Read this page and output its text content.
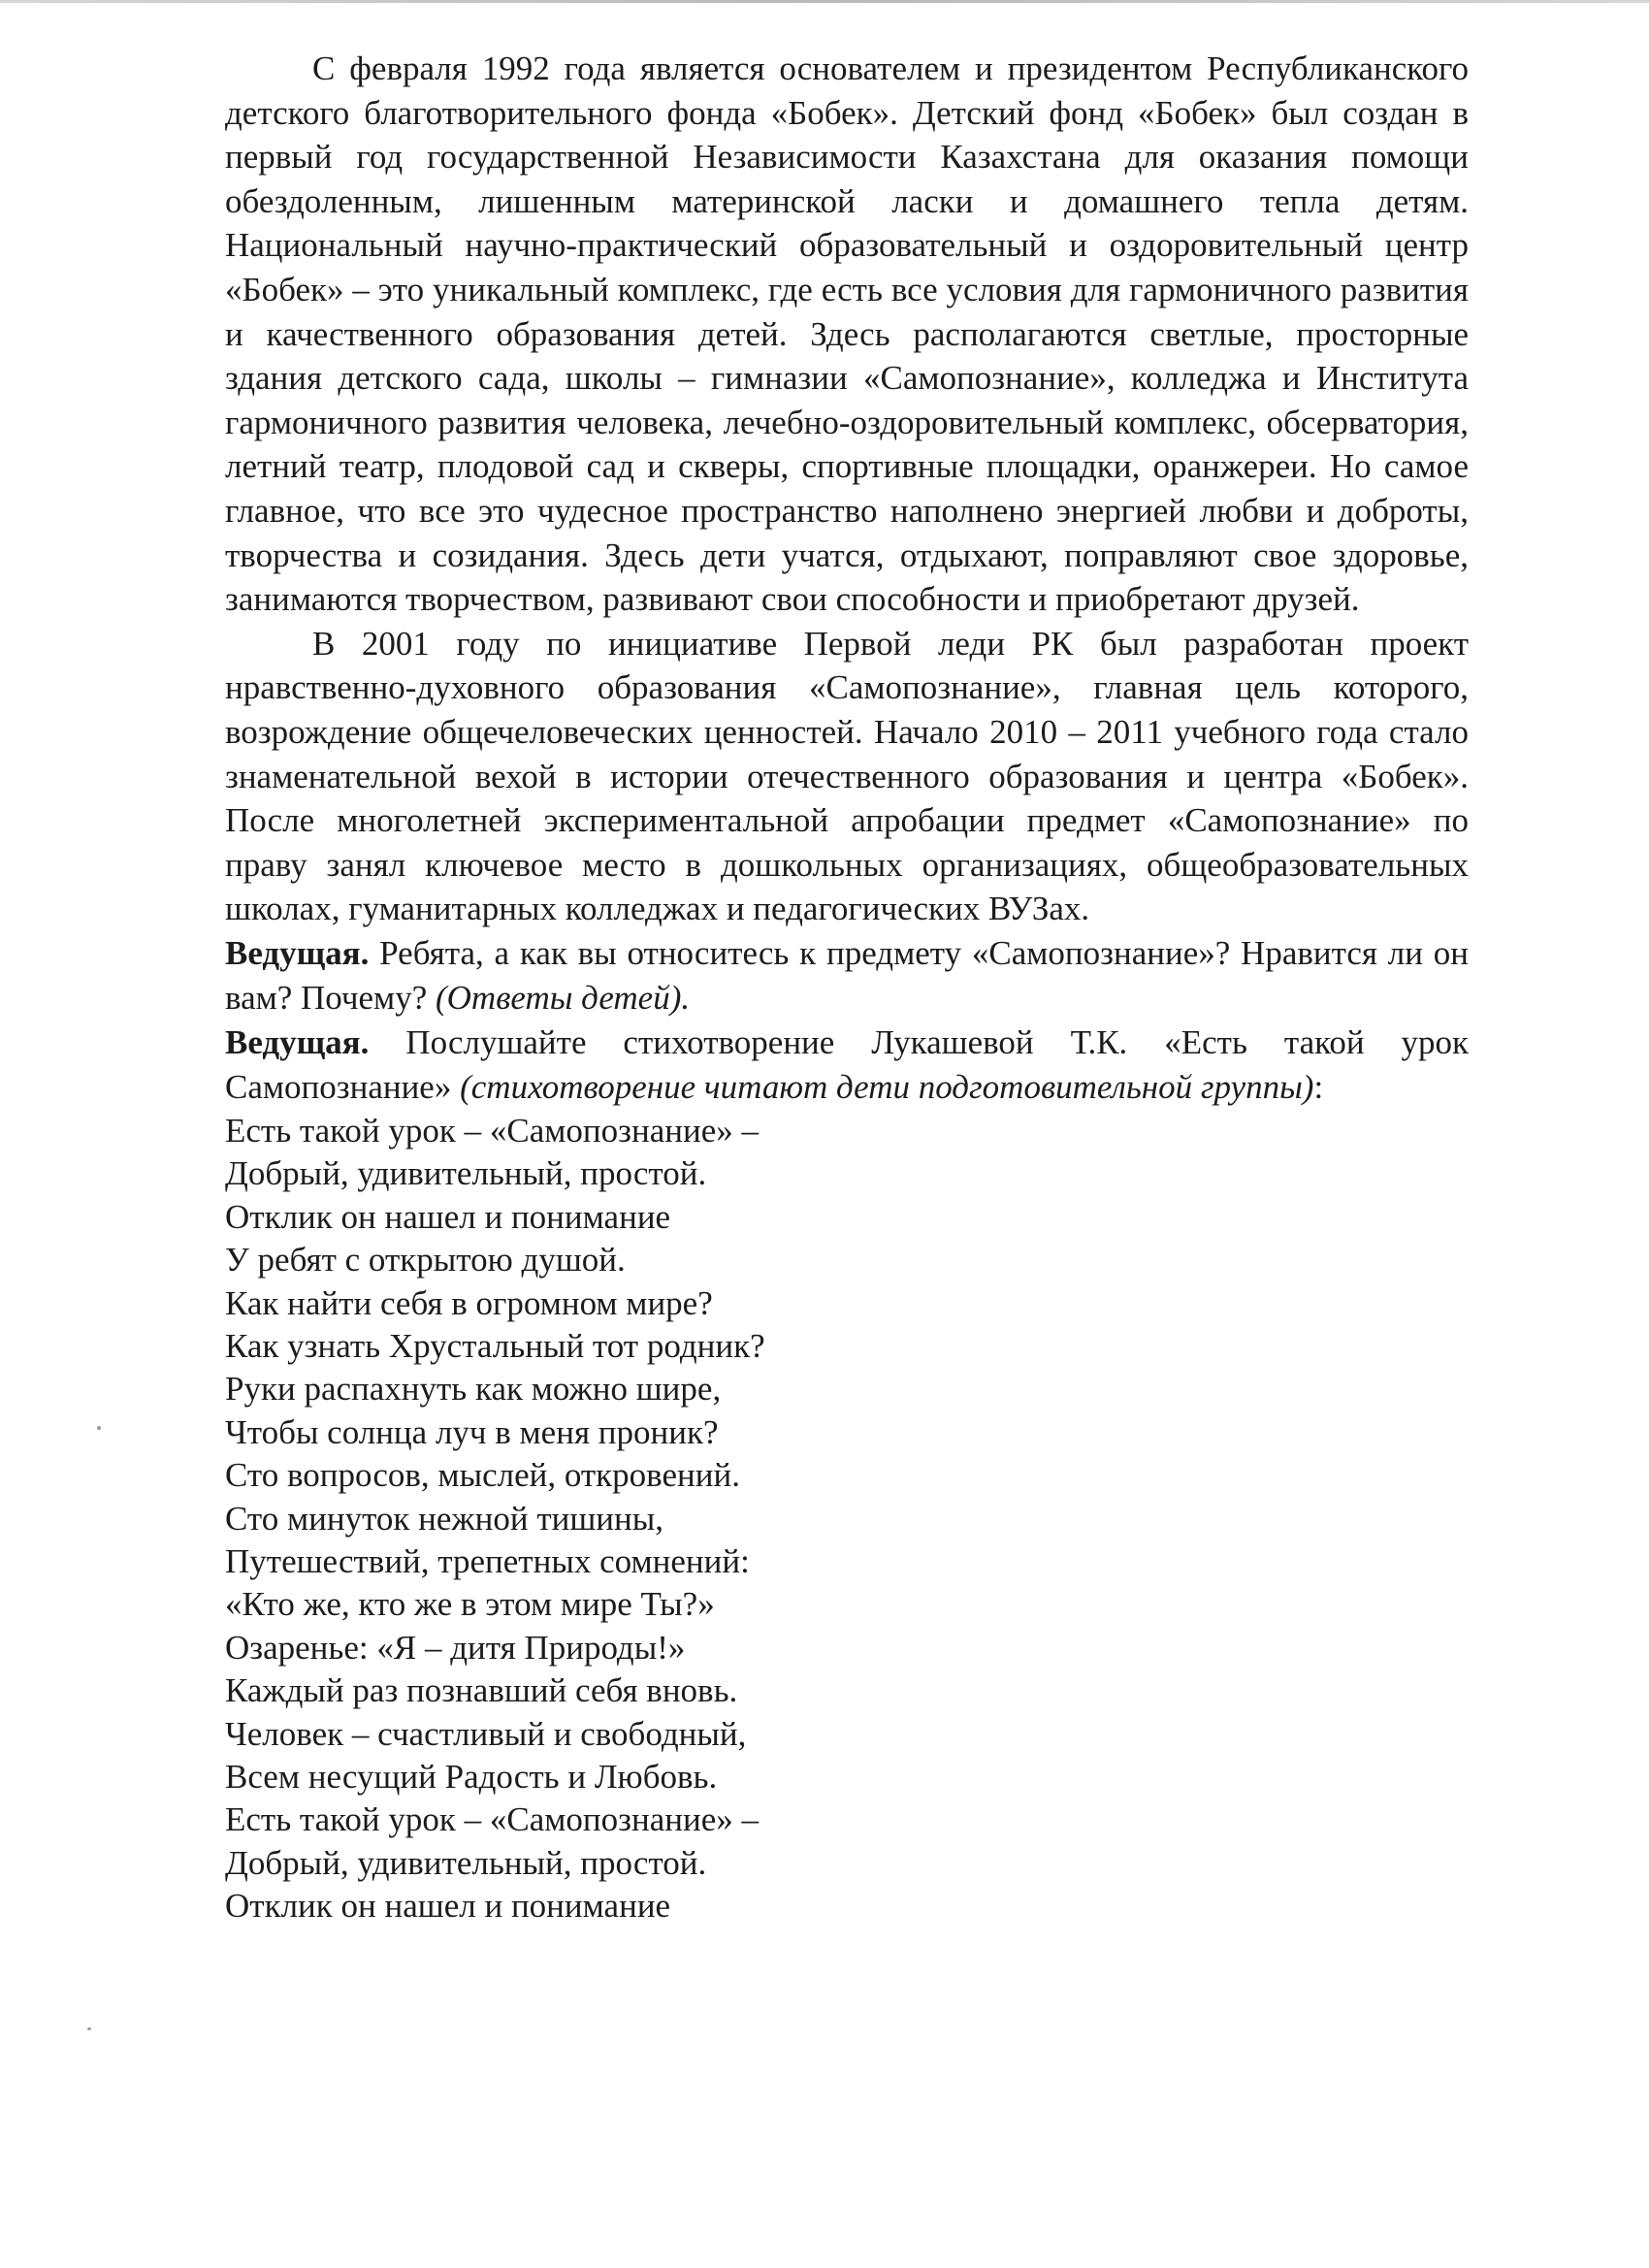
С февраля 1992 года является основателем и президентом Республиканского детского благотворительного фонда «Бобек». Детский фонд «Бобек» был создан в первый год государственной Независимости Казахстана для оказания помощи обездоленным, лишенным материнской ласки и домашнего тепла детям. Национальный научно-практический образовательный и оздоровительный центр «Бобек» – это уникальный комплекс, где есть все условия для гармоничного развития и качественного образования детей. Здесь располагаются светлые, просторные здания детского сада, школы – гимназии «Самопознание», колледжа и Института гармоничного развития человека, лечебно-оздоровительный комплекс, обсерватория, летний театр, плодовой сад и скверы, спортивные площадки, оранжереи. Но самое главное, что все это чудесное пространство наполнено энергией любви и доброты, творчества и созидания. Здесь дети учатся, отдыхают, поправляют свое здоровье, занимаются творчеством, развивают свои способности и приобретают друзей.

В 2001 году по инициативе Первой леди РК был разработан проект нравственно-духовного образования «Самопознание», главная цель которого, возрождение общечеловеческих ценностей. Начало 2010 – 2011 учебного года стало знаменательной вехой в истории отечественного образования и центра «Бобек». После многолетней экспериментальной апробации предмет «Самопознание» по праву занял ключевое место в дошкольных организациях, общеобразовательных школах, гуманитарных колледжах и педагогических ВУЗах.

Ведущая. Ребята, а как вы относитесь к предмету «Самопознание»? Нравится ли он вам? Почему? (Ответы детей).

Ведущая. Послушайте стихотворение Лукашевой Т.К. «Есть такой урок Самопознание» (стихотворение читают дети подготовительной группы):

Есть такой урок – «Самопознание» –
Добрый, удивительный, простой.
Отклик он нашел и понимание
У ребят с открытою душой.
Как найти себя в огромном мире?
Как узнать Хрустальный тот родник?
Руки распахнуть как можно шире,
Чтобы солнца луч в меня проник?
Сто вопросов, мыслей, откровений.
Сто минуток нежной тишины,
Путешествий, трепетных сомнений:
«Кто же, кто же в этом мире Ты?»
Озаренье: «Я – дитя Природы!»
Каждый раз познавший себя вновь.
Человек – счастливый и свободный,
Всем несущий Радость и Любовь.
Есть такой урок – «Самопознание» –
Добрый, удивительный, простой.
Отклик он нашел и понимание
